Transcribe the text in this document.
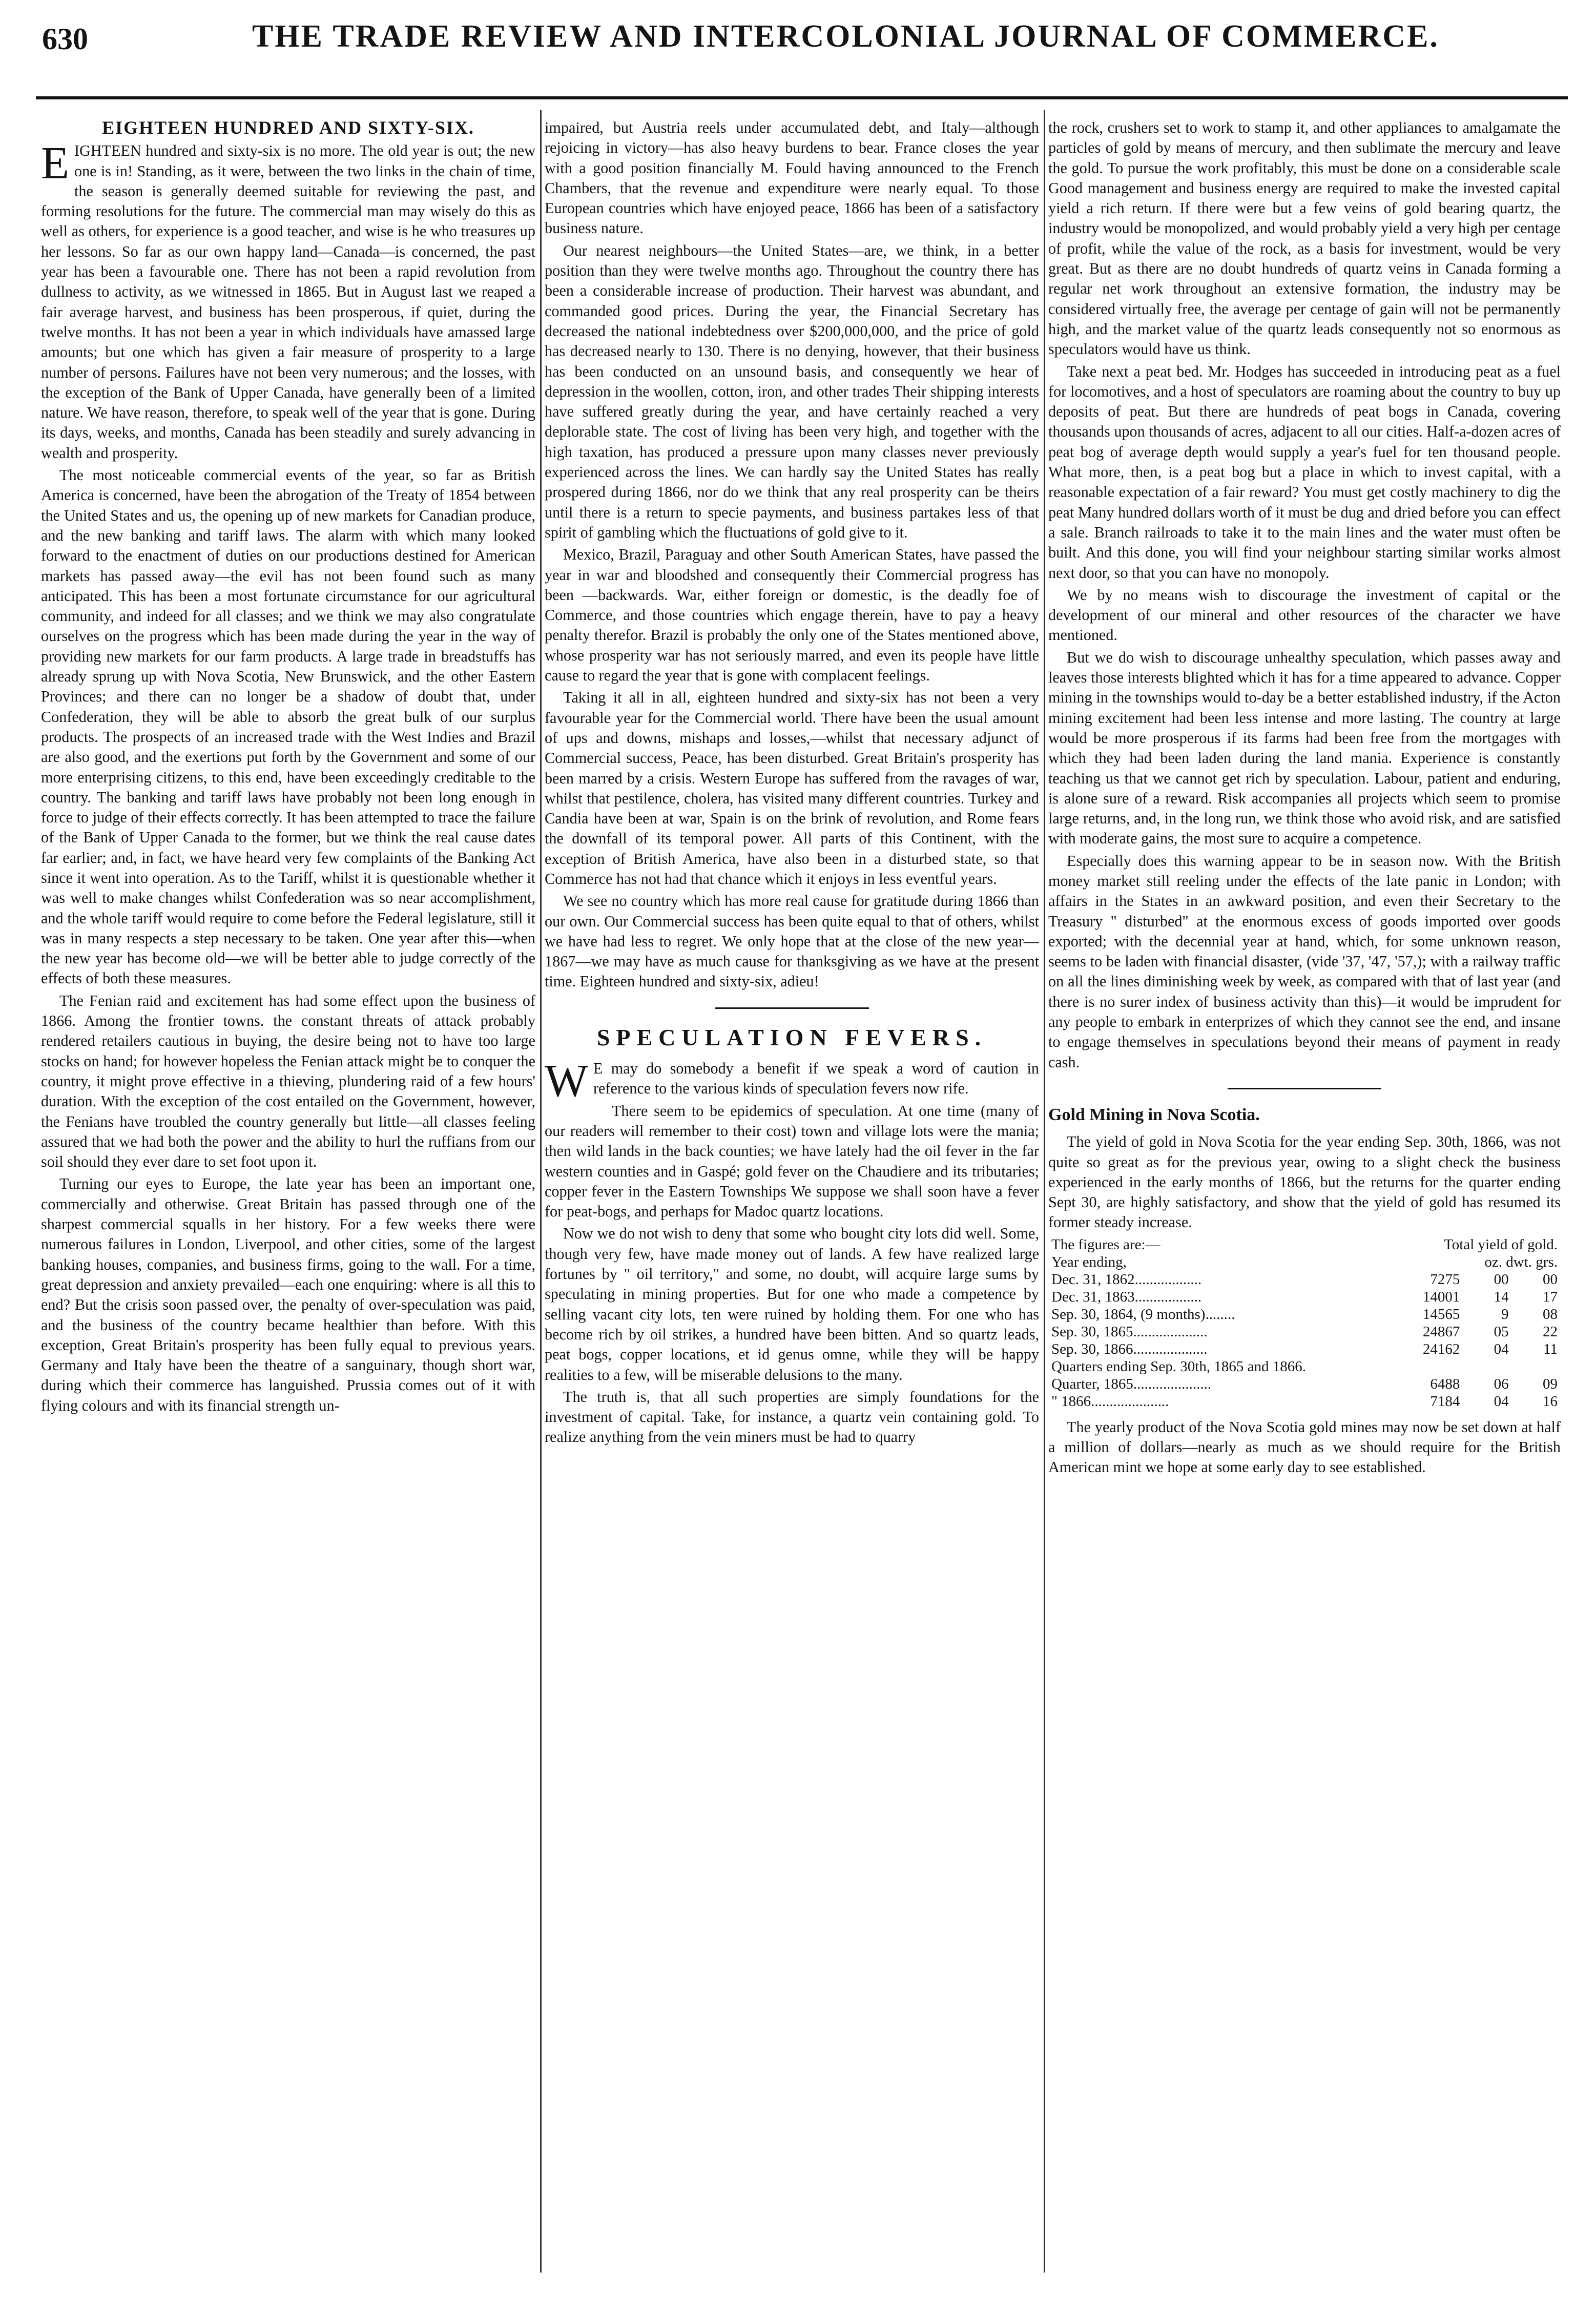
630	THE TRADE REVIEW AND INTERCOLONIAL JOURNAL OF COMMERCE.
EIGHTEEN HUNDRED AND SIXTY-SIX.

EIGHTEEN hundred and sixty-six is no more. The old year is out; the new one is in! Standing, as it were, between the two links in the chain of time, the season is generally deemed suitable for reviewing the past, and forming resolutions for the future. The commercial man may wisely do this as well as others, for experience is a good teacher, and wise is he who treasures up her lessons. So far as our own happy land—Canada—is concerned, the past year has been a favourable one. There has not been a rapid revolution from dullness to activity, as we witnessed in 1865. But in August last we reaped a fair average harvest, and business has been prosperous, if quiet, during the twelve months. It has not been a year in which individuals have amassed large amounts; but one which has given a fair measure of prosperity to a large number of persons. Failures have not been very numerous; and the losses, with the exception of the Bank of Upper Canada, have generally been of a limited nature. We have reason, therefore, to speak well of the year that is gone. During its days, weeks, and months, Canada has been steadily and surely advancing in wealth and prosperity.

The most noticeable commercial events of the year, so far as British America is concerned, have been the abrogation of the Treaty of 1854 between the United States and us, the opening up of new markets for Canadian produce, and the new banking and tariff laws. The alarm with which many looked forward to the enactment of duties on our productions destined for American markets has passed away—the evil has not been found such as many anticipated. This has been a most fortunate circumstance for our agricultural community, and indeed for all classes; and we think we may also congratulate ourselves on the progress which has been made during the year in the way of providing new markets for our farm products. A large trade in breadstuffs has already sprung up with Nova Scotia, New Brunswick, and the other Eastern Provinces; and there can no longer be a shadow of doubt that, under Confederation, they will be able to absorb the great bulk of our surplus products. The prospects of an increased trade with the West Indies and Brazil are also good, and the exertions put forth by the Government and some of our more enterprising citizens, to this end, have been exceedingly creditable to the country. The banking and tariff laws have probably not been long enough in force to judge of their effects correctly. It has been attempted to trace the failure of the Bank of Upper Canada to the former, but we think the real cause dates far earlier; and, in fact, we have heard very few complaints of the Banking Act since it went into operation. As to the Tariff, whilst it is questionable whether it was well to make changes whilst Confederation was so near accomplishment, and the whole tariff would require to come before the Federal legislature, still it was in many respects a step necessary to be taken. One year after this—when the new year has become old—we will be better able to judge correctly of the effects of both these measures.

The Fenian raid and excitement has had some effect upon the business of 1866. Among the frontier towns. the constant threats of attack probably rendered retailers cautious in buying, the desire being not to have too large stocks on hand; for however hopeless the Fenian attack might be to conquer the country, it might prove effective in a thieving, plundering raid of a few hours' duration. With the exception of the cost entailed on the Government, however, the Fenians have troubled the country generally but little—all classes feeling assured that we had both the power and the ability to hurl the ruffians from our soil should they ever dare to set foot upon it.

Turning our eyes to Europe, the late year has been an important one, commercially and otherwise. Great Britain has passed through one of the sharpest commercial squalls in her history. For a few weeks there were numerous failures in London, Liverpool, and other cities, some of the largest banking houses, companies, and business firms, going to the wall. For a time, great depression and anxiety prevailed—each one enquiring: where is all this to end? But the crisis soon passed over, the penalty of over-speculation was paid, and the business of the country became healthier than before. With this exception, Great Britain's prosperity has been fully equal to previous years. Germany and Italy have been the theatre of a sanguinary, though short war, during which their commerce has languished. Prussia comes out of it with flying colours and with its financial strength un-

impaired, but Austria reels under accumulated debt, and Italy—although rejoicing in victory—has also heavy burdens to bear. France closes the year with a good position financially M. Fould having announced to the French Chambers, that the revenue and expenditure were nearly equal. To those European countries which have enjoyed peace, 1866 has been of a satisfactory business nature.

Our nearest neighbours—the United States—are, we think, in a better position than they were twelve months ago. Throughout the country there has been a considerable increase of production. Their harvest was abundant, and commanded good prices. During the year, the Financial Secretary has decreased the national indebtedness over $200,000,000, and the price of gold has decreased nearly to 130. There is no denying, however, that their business has been conducted on an unsound basis, and consequently we hear of depression in the woollen, cotton, iron, and other trades Their shipping interests have suffered greatly during the year, and have certainly reached a very deplorable state. The cost of living has been very high, and together with the high taxation, has produced a pressure upon many classes never previously experienced across the lines. We can hardly say the United States has really prospered during 1866, nor do we think that any real prosperity can be theirs until there is a return to specie payments, and business partakes less of that spirit of gambling which the fluctuations of gold give to it.

Mexico, Brazil, Paraguay and other South American States, have passed the year in war and bloodshed and consequently their Commercial progress has been —backwards. War, either foreign or domestic, is the deadly foe of Commerce, and those countries which engage therein, have to pay a heavy penalty therefor. Brazil is probably the only one of the States mentioned above, whose prosperity war has not seriously marred, and even its people have little cause to regard the year that is gone with complacent feelings.

Taking it all in all, eighteen hundred and sixty-six has not been a very favourable year for the Commercial world. There have been the usual amount of ups and downs, mishaps and losses,—whilst that necessary adjunct of Commercial success, Peace, has been disturbed. Great Britain's prosperity has been marred by a crisis. Western Europe has suffered from the ravages of war, whilst that pestilence, cholera, has visited many different countries. Turkey and Candia have been at war, Spain is on the brink of revolution, and Rome fears the downfall of its temporal power. All parts of this Continent, with the exception of British America, have also been in a disturbed state, so that Commerce has not had that chance which it enjoys in less eventful years.

We see no country which has more real cause for gratitude during 1866 than our own. Our Commercial success has been quite equal to that of others, whilst we have had less to regret. We only hope that at the close of the new year—1867—we may have as much cause for thanksgiving as we have at the present time. Eighteen hundred and sixty-six, adieu!

SPECULATION FEVERS.

W E may do somebody a benefit if we speak a word of caution in reference to the various kinds of speculation fevers now rife.

There seem to be epidemics of speculation. At one time (many of our readers will remember to their cost) town and village lots were the mania; then wild lands in the back counties; we have lately had the oil fever in the far western counties and in Gaspé; gold fever on the Chaudiere and its tributaries; copper fever in the Eastern Townships We suppose we shall soon have a fever for peat-bogs, and perhaps for Madoc quartz locations.

Now we do not wish to deny that some who bought city lots did well. Some, though very few, have made money out of lands. A few have realized large fortunes by " oil territory," and some, no doubt, will acquire large sums by speculating in mining properties. But for one who made a competence by selling vacant city lots, ten were ruined by holding them. For one who has become rich by oil strikes, a hundred have been bitten. And so quartz leads, peat bogs, copper locations, et id genus omne, while they will be happy realities to a few, will be miserable delusions to the many.

The truth is, that all such properties are simply foundations for the investment of capital. Take, for instance, a quartz vein containing gold. To realize anything from the vein miners must be had to quarry

the rock, crushers set to work to stamp it, and other appliances to amalgamate the particles of gold by means of mercury, and then sublimate the mercury and leave the gold. To pursue the work profitably, this must be done on a considerable scale Good management and business energy are required to make the invested capital yield a rich return. If there were but a few veins of gold bearing quartz, the industry would be monopolized, and would probably yield a very high per centage of profit, while the value of the rock, as a basis for investment, would be very great. But as there are no doubt hundreds of quartz veins in Canada forming a regular net work throughout an extensive formation, the industry may be considered virtually free, the average per centage of gain will not be permanently high, and the market value of the quartz leads consequently not so enormous as speculators would have us think.

Take next a peat bed. Mr. Hodges has succeeded in introducing peat as a fuel for locomotives, and a host of speculators are roaming about the country to buy up deposits of peat. But there are hundreds of peat bogs in Canada, covering thousands upon thousands of acres, adjacent to all our cities. Half-a-dozen acres of peat bog of average depth would supply a year's fuel for ten thousand people. What more, then, is a peat bog but a place in which to invest capital, with a reasonable expectation of a fair reward? You must get costly machinery to dig the peat Many hundred dollars worth of it must be dug and dried before you can effect a sale. Branch railroads to take it to the main lines and the water must often be built. And this done, you will find your neighbour starting similar works almost next door, so that you can have no monopoly.

We by no means wish to discourage the investment of capital or the development of our mineral and other resources of the character we have mentioned.

But we do wish to discourage unhealthy speculation, which passes away and leaves those interests blighted which it has for a time appeared to advance. Copper mining in the townships would to-day be a better established industry, if the Acton mining excitement had been less intense and more lasting. The country at large would be more prosperous if its farms had been free from the mortgages with which they had been laden during the land mania. Experience is constantly teaching us that we cannot get rich by speculation. Labour, patient and enduring, is alone sure of a reward. Risk accompanies all projects which seem to promise large returns, and, in the long run, we think those who avoid risk, and are satisfied with moderate gains, the most sure to acquire a competence.

Especially does this warning appear to be in season now. With the British money market still reeling under the effects of the late panic in London; with affairs in the States in an awkward position, and even their Secretary to the Treasury " disturbed" at the enormous excess of goods imported over goods exported; with the decennial year at hand, which, for some unknown reason, seems to be laden with financial disaster, (vide '37, '47, '57,); with a railway traffic on all the lines diminishing week by week, as compared with that of last year (and there is no surer index of business activity than this)—it would be imprudent for any people to embark in enterprizes of which they cannot see the end, and insane to engage themselves in speculations beyond their means of payment in ready cash.

Gold Mining in Nova Scotia.

The yield of gold in Nova Scotia for the year ending Sep. 30th, 1866, was not quite so great as for the previous year, owing to a slight check the business experienced in the early months of 1866, but the returns for the quarter ending Sept 30, are highly satisfactory, and show that the yield of gold has resumed its former steady increase.

The figures are:—	Total yield of gold.		
Year ending,	oz. dwt. grs.		
Dec. 31, 1862..................	7275	00	00
Dec. 31, 1863..................	14001	14	17
Sep. 30, 1864, (9 months)........	14565	9	08
Sep. 30, 1865....................	24867	05	22
Sep. 30, 1866....................	24162	04	11
Quarters ending Sep. 30th, 1865 and 1866.			
Quarter, 1865.....................	6488	06	09
" 1866.....................	7184	04	16

The yearly product of the Nova Scotia gold mines may now be set down at half a million of dollars—nearly as much as we should require for the British American mint we hope at some early day to see established.
